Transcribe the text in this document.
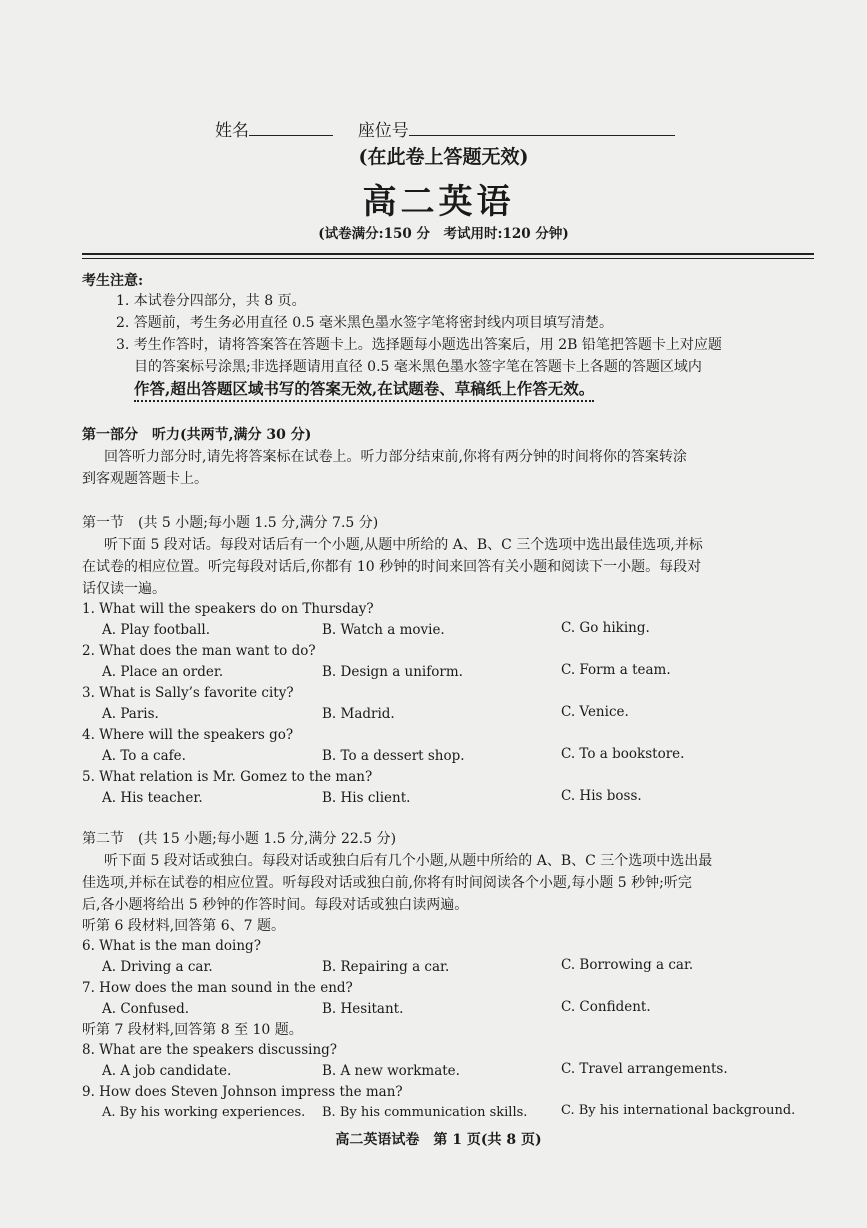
姓名	座位号
(在此卷上答题无效)
高二英语
(试卷满分:150 分　考试用时:120 分钟)
考生注意:
1. 本试卷分四部分，共 8 页。
2. 答题前，考生务必用直径 0.5 毫米黑色墨水签字笔将密封线内项目填写清楚。
3. 考生作答时，请将答案答在答题卡上。选择题每小题选出答案后，用 2B 铅笔把答题卡上对应题
目的答案标号涂黑;非选择题请用直径 0.5 毫米黑色墨水签字笔在答题卡上各题的答题区域内
作答,超出答题区域书写的答案无效,在试题卷、草稿纸上作答无效。
第一部分　听力(共两节,满分 30 分)
回答听力部分时,请先将答案标在试卷上。听力部分结束前,你将有两分钟的时间将你的答案转涂
到客观题答题卡上。
第一节　(共 5 小题;每小题 1.5 分,满分 7.5 分)
听下面 5 段对话。每段对话后有一个小题,从题中所给的 A、B、C 三个选项中选出最佳选项,并标
在试卷的相应位置。听完每段对话后,你都有 10 秒钟的时间来回答有关小题和阅读下一小题。每段对
话仅读一遍。
1. What will the speakers do on Thursday?
A. Play football.	B. Watch a movie.	C. Go hiking.
2. What does the man want to do?
A. Place an order.	B. Design a uniform.	C. Form a team.
3. What is Sally’s favorite city?
A. Paris.	B. Madrid.	C. Venice.
4. Where will the speakers go?
A. To a cafe.	B. To a dessert shop.	C. To a bookstore.
5. What relation is Mr. Gomez to the man?
A. His teacher.	B. His client.	C. His boss.
第二节　(共 15 小题;每小题 1.5 分,满分 22.5 分)
听下面 5 段对话或独白。每段对话或独白后有几个小题,从题中所给的 A、B、C 三个选项中选出最
佳选项,并标在试卷的相应位置。听每段对话或独白前,你将有时间阅读各个小题,每小题 5 秒钟;听完
后,各小题将给出 5 秒钟的作答时间。每段对话或独白读两遍。
听第 6 段材料,回答第 6、7 题。
6. What is the man doing?
A. Driving a car.	B. Repairing a car.	C. Borrowing a car.
7. How does the man sound in the end?
A. Confused.	B. Hesitant.	C. Confident.
听第 7 段材料,回答第 8 至 10 题。
8. What are the speakers discussing?
A. A job candidate.	B. A new workmate.	C. Travel arrangements.
9. How does Steven Johnson impress the man?
A. By his working experiences. B. By his communication skills.	C. By his international background.
高二英语试卷　第 1 页(共 8 页)
